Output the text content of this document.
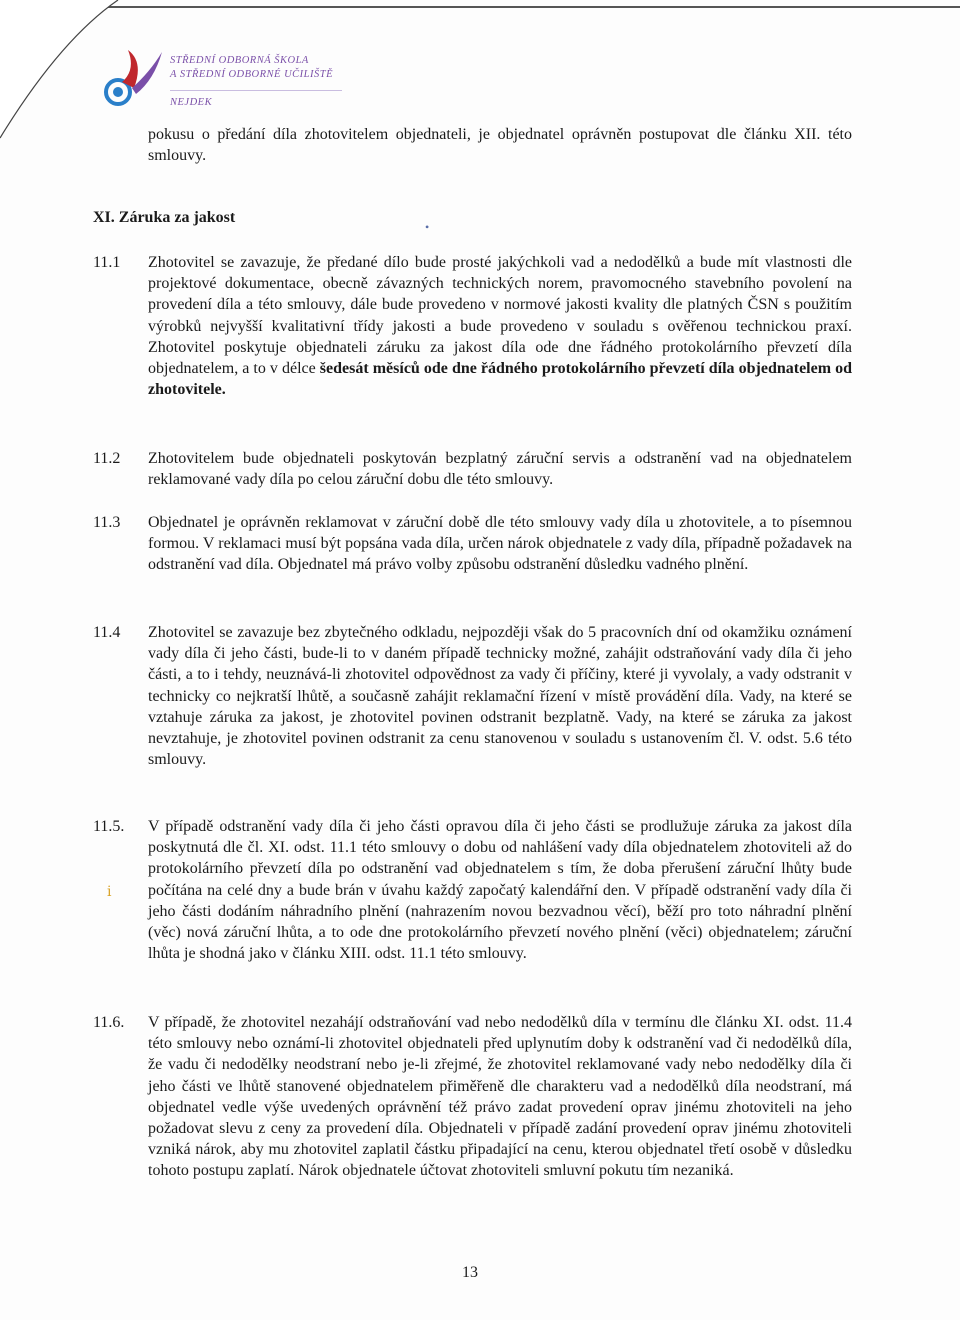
STŘEDNÍ ODBORNÁ ŠKOLA
A STŘEDNÍ ODBORNÉ UČILIŠTĚ
NEJDEK
pokusu o předání díla zhotovitelem objednateli, je objednatel oprávněn postupovat dle článku XII. této smlouvy.
XI. Záruka za jakost
•
11.1 Zhotovitel se zavazuje, že předané dílo bude prosté jakýchkoli vad a nedodělků a bude mít vlastnosti dle projektové dokumentace, obecně závazných technických norem, pravomocného stavebního povolení na provedení díla a této smlouvy, dále bude provedeno v normové jakosti kvality dle platných ČSN s použitím výrobků nejvyšší kvalitativní třídy jakosti a bude provedeno v souladu s ověřenou technickou praxí. Zhotovitel poskytuje objednateli záruku za jakost díla ode dne řádného protokolárního převzetí díla objednatelem, a to v délce šedesát měsíců ode dne řádného protokolárního převzetí díla objednatelem od zhotovitele.
11.2 Zhotovitelem bude objednateli poskytován bezplatný záruční servis a odstranění vad na objednatelem reklamované vady díla po celou záruční dobu dle této smlouvy.
11.3 Objednatel je oprávněn reklamovat v záruční době dle této smlouvy vady díla u zhotovitele, a to písemnou formou. V reklamaci musí být popsána vada díla, určen nárok objednatele z vady díla, případně požadavek na odstranění vad díla. Objednatel má právo volby způsobu odstranění důsledku vadného plnění.
11.4 Zhotovitel se zavazuje bez zbytečného odkladu, nejpozději však do 5 pracovních dní od okamžiku oznámení vady díla či jeho části, bude-li to v daném případě technicky možné, zahájit odstraňování vady díla či jeho části, a to i tehdy, neuznává-li zhotovitel odpovědnost za vady či příčiny, které ji vyvolaly, a vady odstranit v technicky co nejkratší lhůtě, a současně zahájit reklamační řízení v místě provádění díla. Vady, na které se vztahuje záruka za jakost, je zhotovitel povinen odstranit bezplatně. Vady, na které se záruka za jakost nevztahuje, je zhotovitel povinen odstranit za cenu stanovenou v souladu s ustanovením čl. V. odst. 5.6 této smlouvy.
11.5. V případě odstranění vady díla či jeho části opravou díla či jeho části se prodlužuje záruka za jakost díla poskytnutá dle čl. XI. odst. 11.1 této smlouvy o dobu od nahlášení vady díla objednatelem zhotoviteli až do protokolárního převzetí díla po odstranění vad objednatelem s tím, že doba přerušení záruční lhůty bude počítána na celé dny a bude brán v úvahu každý započatý kalendářní den. V případě odstranění vady díla či jeho části dodáním náhradního plnění (nahrazením novou bezvadnou věcí), běží pro toto náhradní plnění (věc) nová záruční lhůta, a to ode dne protokolárního převzetí nového plnění (věci) objednatelem; záruční lhůta je shodná jako v článku XIII. odst. 11.1 této smlouvy.
ⅰ
11.6. V případě, že zhotovitel nezahájí odstraňování vad nebo nedodělků díla v termínu dle článku XI. odst. 11.4 této smlouvy nebo oznámí-li zhotovitel objednateli před uplynutím doby k odstranění vad či nedodělků díla, že vadu či nedodělky neodstraní nebo je-li zřejmé, že zhotovitel reklamované vady nebo nedodělky díla či jeho části ve lhůtě stanovené objednatelem přiměřeně dle charakteru vad a nedodělků díla neodstraní, má objednatel vedle výše uvedených oprávnění též právo zadat provedení oprav jinému zhotoviteli na jeho požadovat slevu z ceny za provedení díla. Objednateli v případě zadání provedení oprav jinému zhotoviteli vzniká nárok, aby mu zhotovitel zaplatil částku připadající na cenu, kterou objednatel třetí osobě v důsledku tohoto postupu zaplatí. Nárok objednatele účtovat zhotoviteli smluvní pokutu tím nezaniká.
13
